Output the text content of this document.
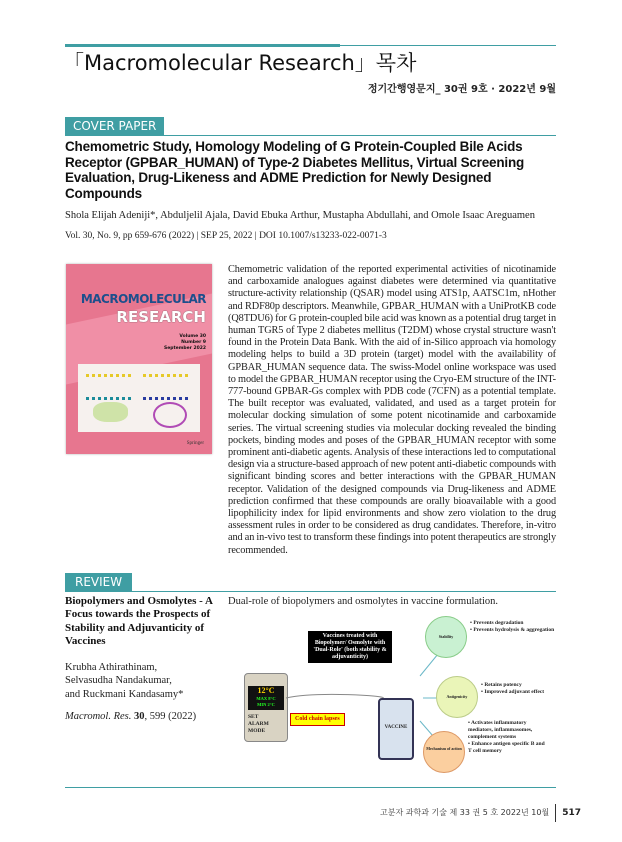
「Macromolecular Research」목차
정기간행영문지_ 30권 9호 · 2022년 9월
COVER PAPER
Chemometric Study, Homology Modeling of G Protein-Coupled Bile Acids Receptor (GPBAR_HUMAN) of Type-2 Diabetes Mellitus, Virtual Screening Evaluation, Drug-Likeness and ADME Prediction for Newly Designed Compounds
Shola Elijah Adeniji*, Abduljelil Ajala, David Ebuka Arthur, Mustapha Abdullahi, and Omole Isaac Areguamen
Vol. 30, No. 9, pp 659-676 (2022) | SEP 25, 2022 | DOI 10.1007/s13233-022-0071-3
MACROMOLECULAR
RESEARCH
Volume 30
Number 9
September 2022
Springer
Chemometric validation of the reported experimental activities of nicotinamide and carboxamide analogues against diabetes were determined via quantitative structure-activity relationship (QSAR) model using ATS1p, AATSC1m, nHother and RDF80p descriptors. Meanwhile, GPBAR_HUMAN with a UniProtKB code (Q8TDU6) for G protein-coupled bile acid was known as a potential drug target in human TGR5 of Type 2 diabetes mellitus (T2DM) whose crystal structure wasn't found in the Protein Data Bank. With the aid of in-Silico approach via homology modeling helps to build a 3D protein (target) model with the availability of GPBAR_HUMAN sequence data. The swiss-Model online workspace was used to model the GPBAR_HUMAN receptor using the Cryo-EM structure of the INT-777-bound GPBAR-Gs complex with PDB code (7CFN) as a potential template. The built receptor was evaluated, validated, and used as a target protein for molecular docking simulation of some potent nicotinamide and carboxamide series. The virtual screening studies via molecular docking revealed the binding pockets, binding modes and poses of the GPBAR_HUMAN receptor with some prominent anti-diabetic agents. Analysis of these interactions led to computational design via a structure-based approach of new potent anti-diabetic compounds with significant binding scores and better interactions with the GPBAR_HUMAN receptor. Validation of the designed compounds via Drug-likeness and ADME prediction confirmed that these compounds are orally bioavailable with a good lipophilicity index for lipid environments and show zero violation to the drug assessment rules in order to be considered as drug candidates. Therefore, in-vitro and an in-vivo test to transform these findings into potent therapeutics are strongly recommended.
REVIEW
Biopolymers and Osmolytes - A Focus towards the Prospects of Stability and Adjuvanticity of Vaccines
Krubha Athirathinam,
Selvasudha Nandakumar,
and Ruckmani Kandasamy*
Macromol. Res. 30, 599 (2022)
Dual-role of biopolymers and osmolytes in vaccine formulation.
Vaccines treated with Biopolymer/ Osmolyte with 'Dual-Role' (both stability & adjuvanticity)
12°C
MAX 8°C
MIN 2°C
SET
ALARM
MODE
Cold chain lapses
VACCINE
Stability
• Prevents degradation
• Prevents hydrolysis & aggregation
Antigenicity
• Retains potency
• Improved adjuvant effect
Mechanism of action
• Activates inflammatory mediators, inflammasomes, complement systems
• Enhance antigen specific B and T cell memory
고분자 과학과 기술 제 33 권 5 호 2022년 10월 517
